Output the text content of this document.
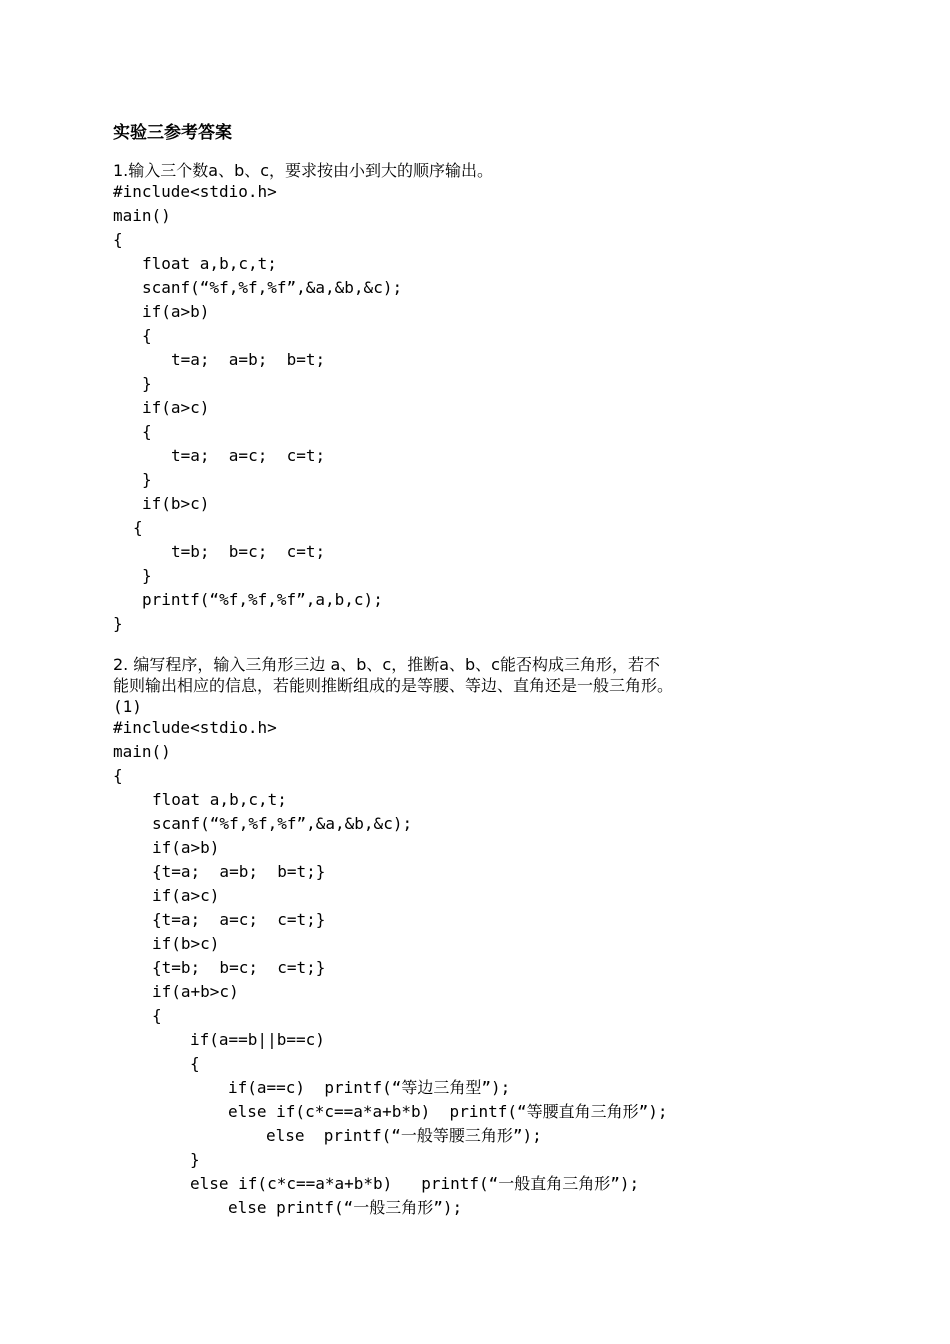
实验三参考答案
1.输入三个数a、b、c，要求按由小到大的顺序输出。
#include<stdio.h>
main()
{
float a,b,c,t;
scanf(“%f,%f,%f”,&a,&b,&c);
if(a>b)
{
t=a;  a=b;  b=t;
}
if(a>c)
{
t=a;  a=c;  c=t;
}
if(b>c)
{
t=b;  b=c;  c=t;
}
printf(“%f,%f,%f”,a,b,c);
}
2. 编写程序，输入三角形三边 a、b、c，推断a、b、c能否构成三角形，若不
能则输出相应的信息，若能则推断组成的是等腰、等边、直角还是一般三角形。
(1)
#include<stdio.h>
main()
{
float a,b,c,t;
scanf(“%f,%f,%f”,&a,&b,&c);
if(a>b)
{t=a;  a=b;  b=t;}
if(a>c)
{t=a;  a=c;  c=t;}
if(b>c)
{t=b;  b=c;  c=t;}
if(a+b>c)
{
if(a==b||b==c)
{
if(a==c)  printf(“等边三角型”);
else if(c*c==a*a+b*b)  printf(“等腰直角三角形”);
else  printf(“一般等腰三角形”);
}
else if(c*c==a*a+b*b)   printf(“一般直角三角形”);
else printf(“一般三角形”);
